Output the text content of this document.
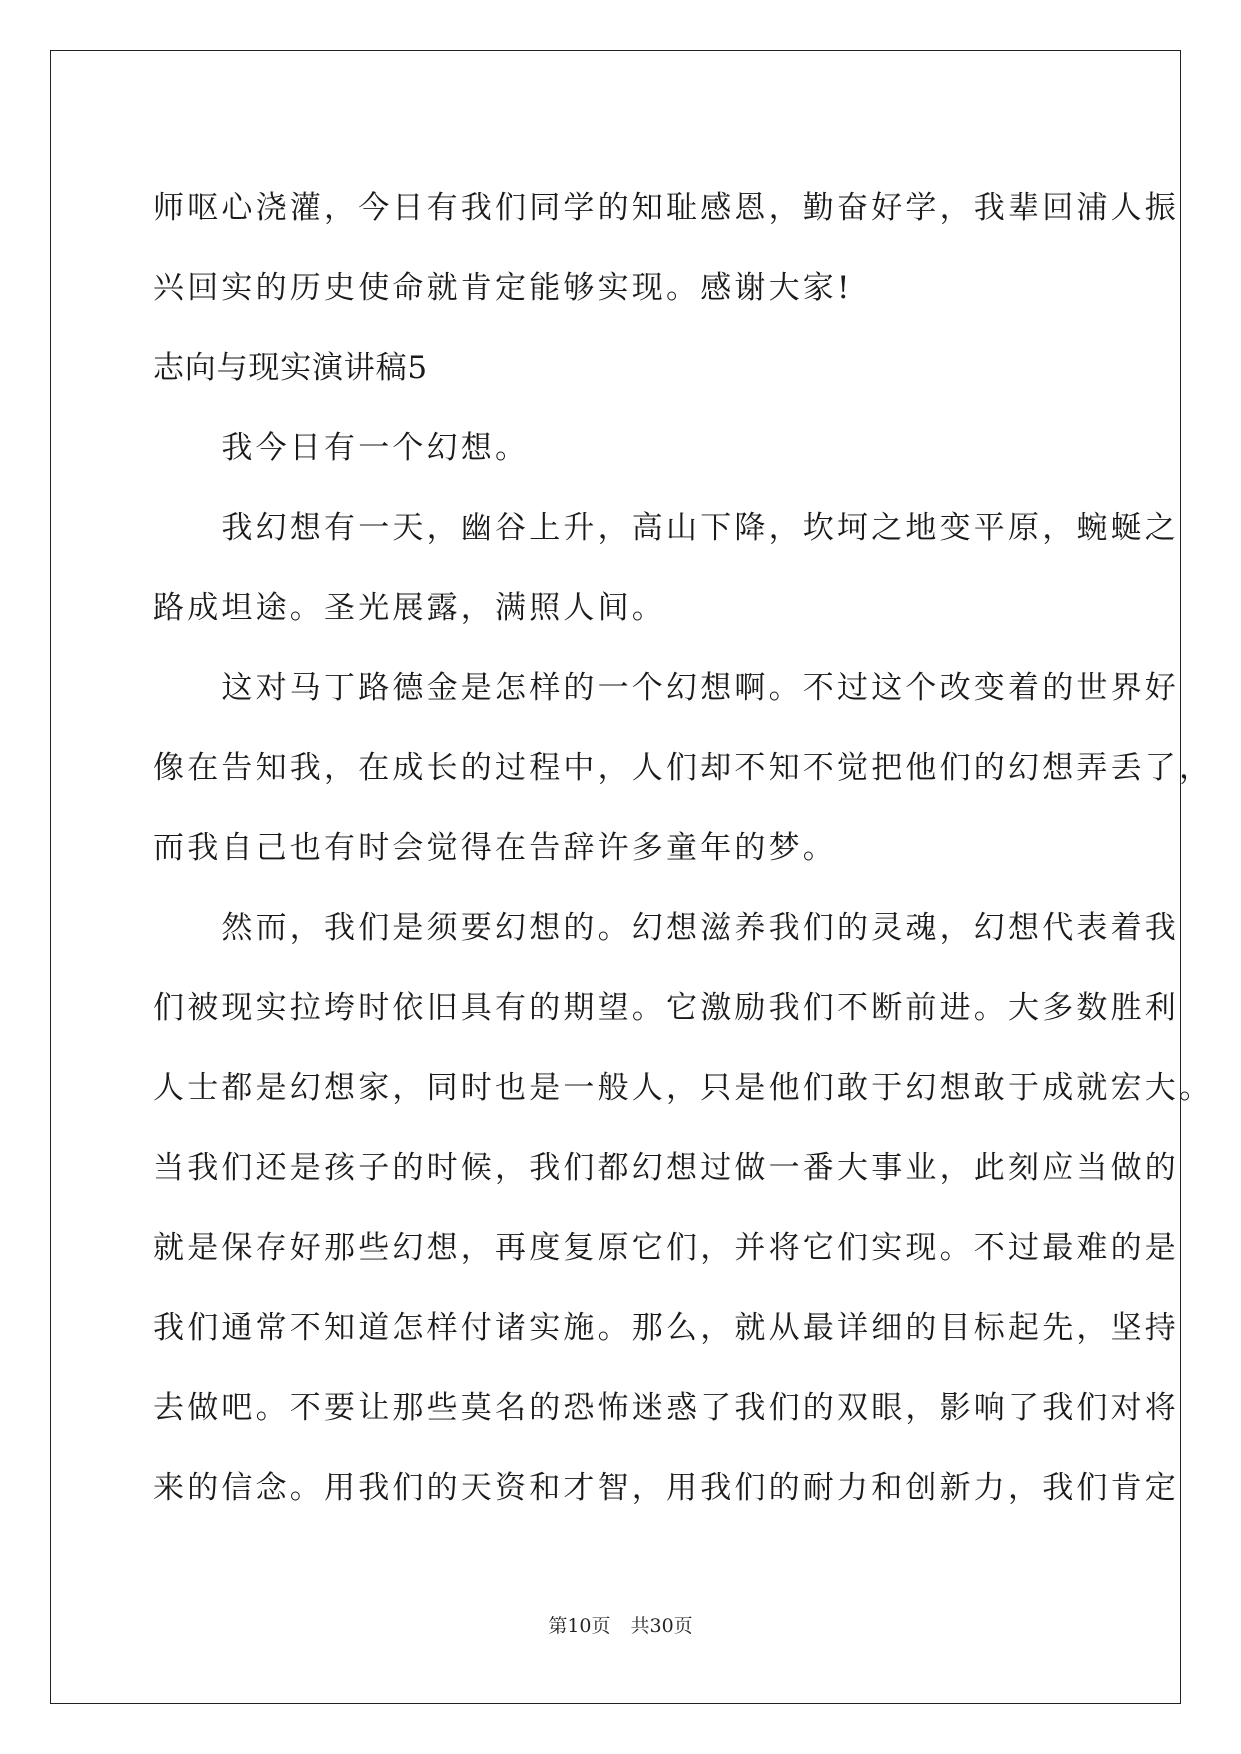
师呕心浇灌，今日有我们同学的知耻感恩，勤奋好学，我辈回浦人振
兴回实的历史使命就肯定能够实现。感谢大家!
志向与现实演讲稿5
　　我今日有一个幻想。
　　我幻想有一天，幽谷上升，高山下降，坎坷之地变平原，蜿蜒之
路成坦途。圣光展露，满照人间。
　　这对马丁路德金是怎样的一个幻想啊。不过这个改变着的世界好
像在告知我，在成长的过程中，人们却不知不觉把他们的幻想弄丢了，
而我自己也有时会觉得在告辞许多童年的梦。
　　然而，我们是须要幻想的。幻想滋养我们的灵魂，幻想代表着我
们被现实拉垮时依旧具有的期望。它激励我们不断前进。大多数胜利
人士都是幻想家，同时也是一般人，只是他们敢于幻想敢于成就宏大。
当我们还是孩子的时候，我们都幻想过做一番大事业，此刻应当做的
就是保存好那些幻想，再度复原它们，并将它们实现。不过最难的是
我们通常不知道怎样付诸实施。那么，就从最详细的目标起先，坚持
去做吧。不要让那些莫名的恐怖迷惑了我们的双眼，影响了我们对将
来的信念。用我们的天资和才智，用我们的耐力和创新力，我们肯定
第10页 共30页
